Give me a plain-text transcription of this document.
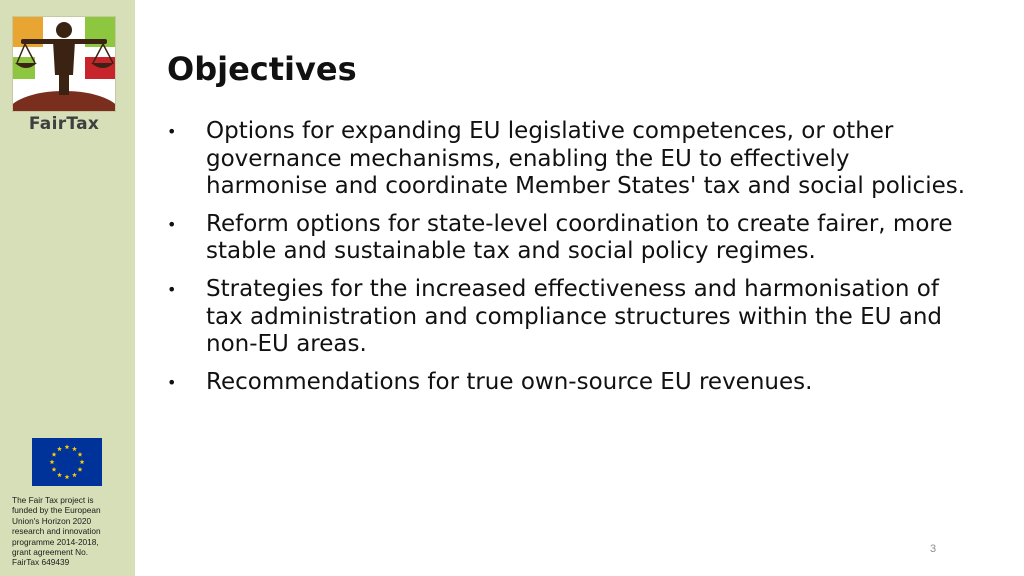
FairTax
The Fair Tax project is
funded by the European
Union's Horizon 2020
research and innovation
programme 2014-2018,
grant agreement No.
FairTax 649439
Objectives
• Options for expanding EU legislative competences, or other governance mechanisms, enabling the EU to effectively harmonise and coordinate Member States' tax and social policies.
• Reform options for state-level coordination to create fairer, more stable and sustainable tax and social policy regimes.
• Strategies for the increased effectiveness and harmonisation of tax administration and compliance structures within the EU and non-EU areas.
• Recommendations for true own-source EU revenues.
3
